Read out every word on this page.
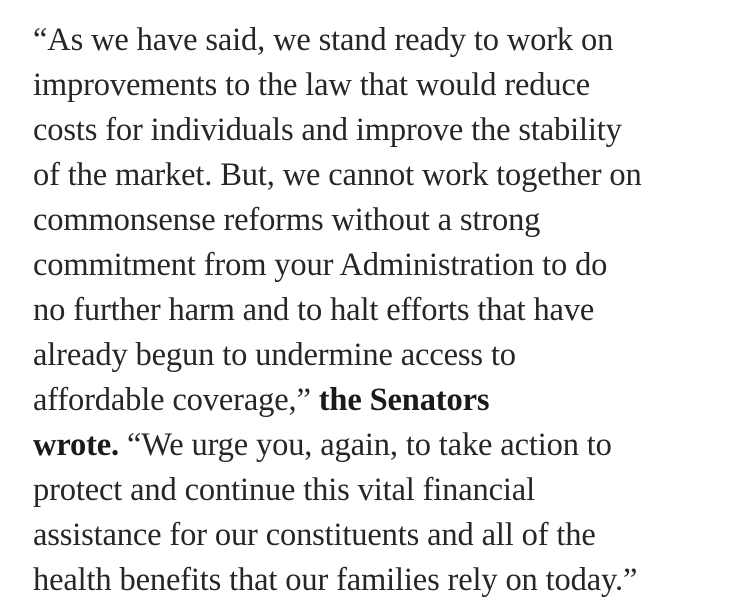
“As we have said, we stand ready to work on
improvements to the law that would reduce
costs for individuals and improve the stability
of the market. But, we cannot work together on
commonsense reforms without a strong
commitment from your Administration to do
no further harm and to halt efforts that have
already begun to undermine access to
affordable coverage,” the Senators
wrote. “We urge you, again, to take action to
protect and continue this vital financial
assistance for our constituents and all of the
health benefits that our families rely on today.”
